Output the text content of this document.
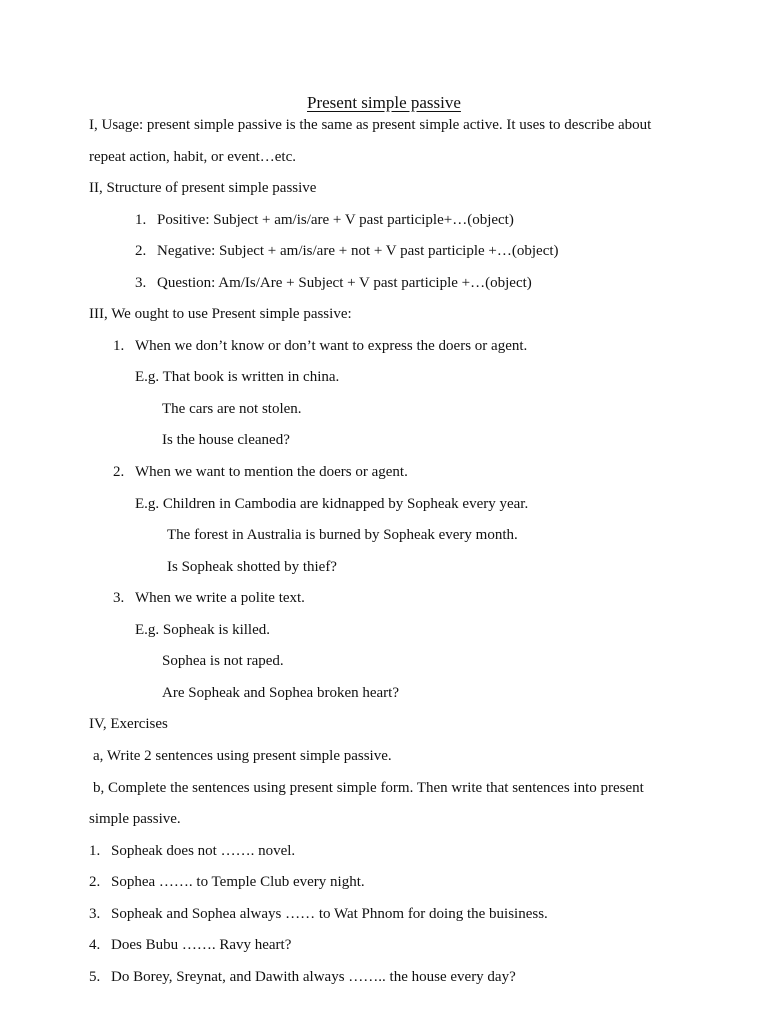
Present simple passive
I, Usage: present simple passive is the same as present simple active. It uses to describe about
repeat action, habit, or event…etc.
II, Structure of present simple passive
1. Positive: Subject + am/is/are + V past participle+…(object)
2. Negative: Subject + am/is/are + not + V past participle +…(object)
3. Question: Am/Is/Are + Subject + V past participle +…(object)
III, We ought to use Present simple passive:
1. When we don’t know or don’t want to express the doers or agent.
E.g. That book is written in china.
The cars are not stolen.
Is the house cleaned?
2. When we want to mention the doers or agent.
E.g. Children in Cambodia are kidnapped by Sopheak every year.
The forest in Australia is burned by Sopheak every month.
Is Sopheak shotted by thief?
3. When we write a polite text.
E.g. Sopheak is killed.
Sophea is not raped.
Are Sopheak and Sophea broken heart?
IV, Exercises
a, Write 2 sentences using present simple passive.
b, Complete the sentences using present simple form. Then write that sentences into present
simple passive.
1. Sopheak does not ……. novel.
2. Sophea ……. to Temple Club every night.
3. Sopheak and Sophea always …… to Wat Phnom for doing the buisiness.
4. Does Bubu ……. Ravy heart?
5. Do Borey, Sreynat, and Dawith always …….. the house every day?
